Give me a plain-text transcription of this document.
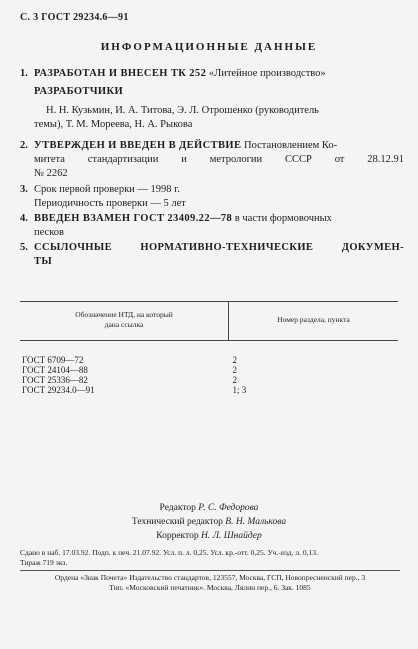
С. 3 ГОСТ 29234.6—91
ИНФОРМАЦИОННЫЕ ДАННЫЕ
1. РАЗРАБОТАН И ВНЕСЕН ТК 252 «Литейное производство»
РАЗРАБОТЧИКИ
Н. Н. Кузьмин, И. А. Титова, Э. Л. Отрошенко (руководитель
темы), Т. М. Мореева, Н. А. Рыкова
2. УТВЕРЖДЕН И ВВЕДЕН В ДЕЙСТВИЕ Постановлением Ко-
митета стандартизации и метрологии СССР от 28.12.91
№ 2262
3. Срок первой проверки — 1998 г.
Периодичность проверки — 5 лет
4. ВВЕДЕН ВЗАМЕН ГОСТ 23409.22—78 в части формовочных
песков
5. ССЫЛОЧНЫЕ НОРМАТИВНО-ТЕХНИЧЕСКИЕ ДОКУМЕН-
ТЫ
Обозначение НТД, на который
дана ссылка	Номер раздела, пункта
ГОСТ 6709—72	2
ГОСТ 24104—88	2
ГОСТ 25336—82	2
ГОСТ 29234.0—91	1; 3
Редактор Р. С. Федорова
Технический редактор В. Н. Малькова
Корректор Н. Л. Шнайдер
Сдано в наб. 17.03.92. Подп. к печ. 21.07.92. Усл. п. л. 0,25. Усл. кр.-отт. 0,25. Уч.-изд. л. 0,13.
Тираж 719 экз.
Ордена «Знак Почета» Издательство стандартов, 123557, Москва, ГСП, Новопресненский пер., 3
Тип. «Московский печатник». Москва, Лялин пер., 6. Зак. 1085
